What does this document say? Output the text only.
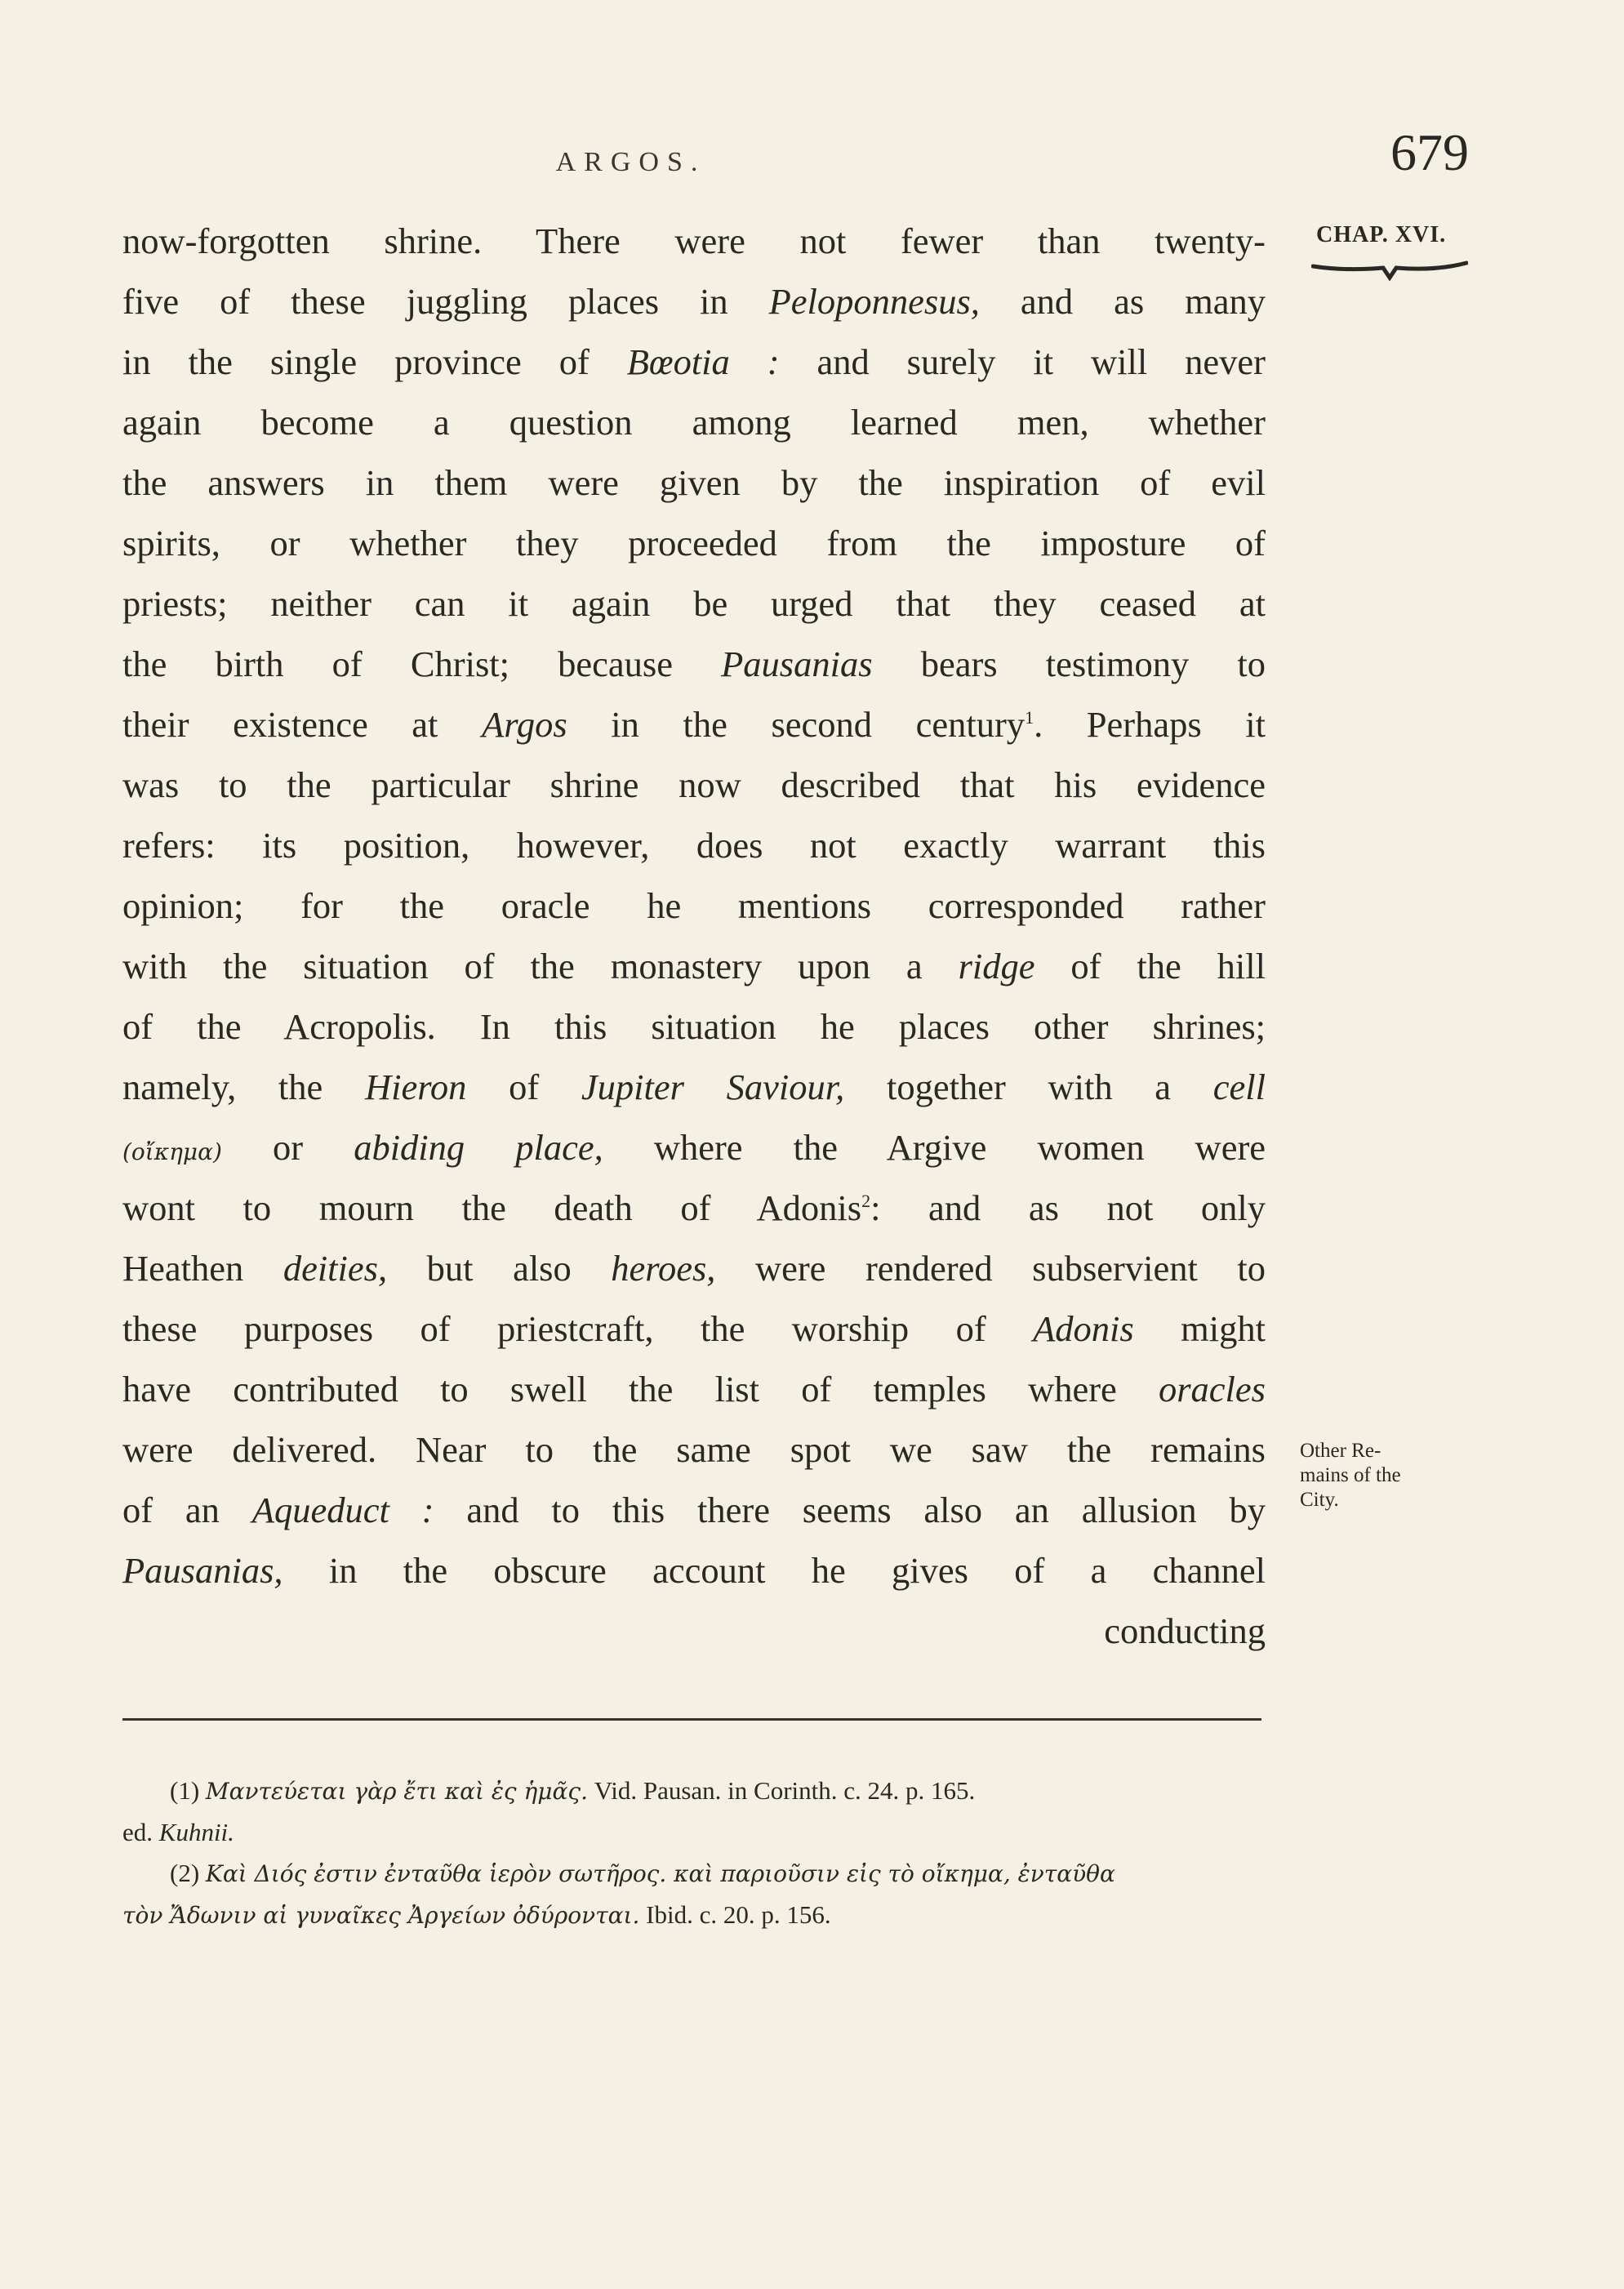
ARGOS.	679
CHAP. XVI.
now-forgotten shrine. There were not fewer than twenty-
five of these juggling places in Peloponnesus, and as many
in the single province of Bœotia : and surely it will never
again become a question among learned men, whether
the answers in them were given by the inspiration of evil
spirits, or whether they proceeded from the imposture of
priests; neither can it again be urged that they ceased at
the birth of Christ; because Pausanias bears testimony to
their existence at Argos in the second century$^1$. Perhaps it
was to the particular shrine now described that his evidence
refers: its position, however, does not exactly warrant this
opinion; for the oracle he mentions corresponded rather
with the situation of the monastery upon a ridge of the hill
of the Acropolis. In this situation he places other shrines;
namely, the Hieron of Jupiter Saviour, together with a cell
(οἴκημα) or abiding place, where the Argive women were
wont to mourn the death of Adonis$^2$: and as not only
Heathen deities, but also heroes, were rendered subservient to
these purposes of priestcraft, the worship of Adonis might
have contributed to swell the list of temples where oracles
were delivered. Near to the same spot we saw the remains
of an Aqueduct : and to this there seems also an allusion by
Pausanias, in the obscure account he gives of a channel
conducting
Other Re-
mains of the
City.
(1) Μαντεύεται γὰρ ἔτι καὶ ἐς ἡμᾶς. Vid. Pausan. in Corinth. c. 24. p. 165.
ed. Kuhnii.
(2) Καὶ Διός ἐστιν ἐνταῦθα ἱερὸν σωτῆρος. καὶ παριοῦσιν εἰς τὸ οἴκημα, ἐνταῦθα
τὸν Ἄδωνιν αἱ γυναῖκες Ἀργείων ὀδύρονται. Ibid. c. 20. p. 156.
